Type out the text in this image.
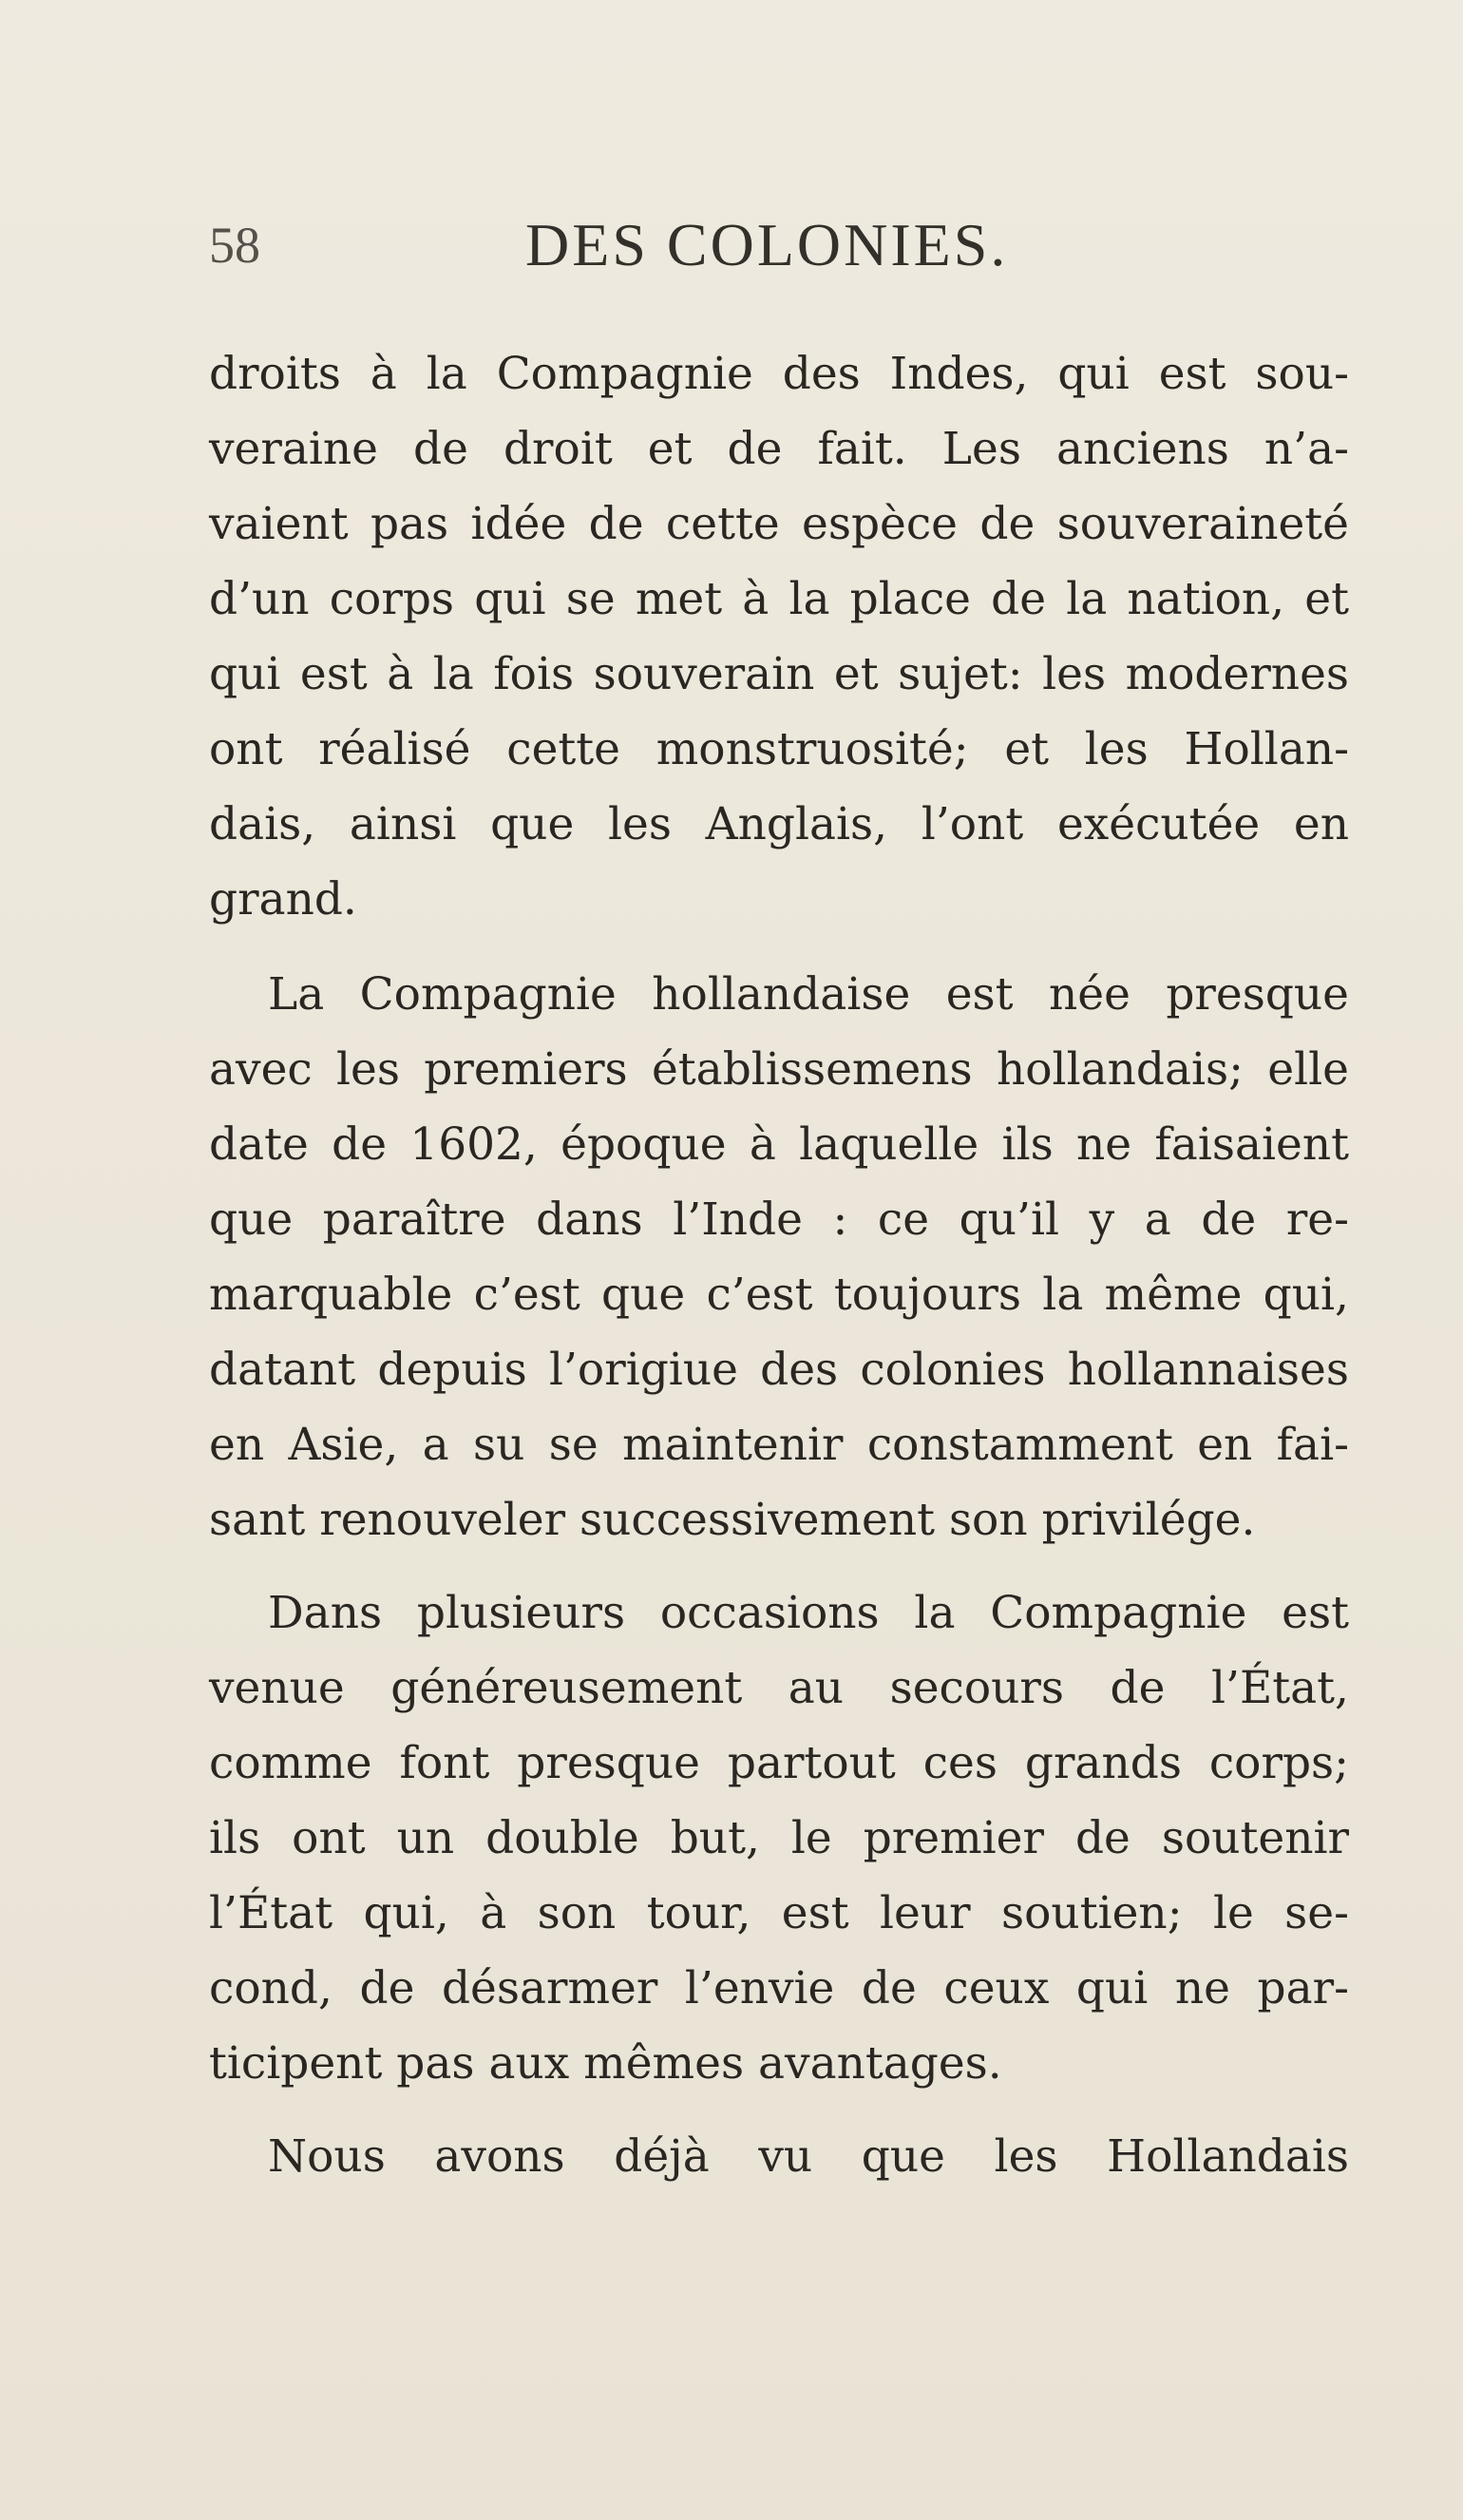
58	DES COLONIES.
droits à la Compagnie des Indes, qui est sou-
veraine de droit et de fait. Les anciens n’a-
vaient pas idée de cette espèce de souveraineté
d’un corps qui se met à la place de la nation, et
qui est à la fois souverain et sujet: les modernes
ont réalisé cette monstruosité; et les Hollan-
dais, ainsi que les Anglais, l’ont exécutée en
grand.
La Compagnie hollandaise est née presque
avec les premiers établissemens hollandais; elle
date de 1602, époque à laquelle ils ne faisaient
que paraître dans l’Inde : ce qu’il y a de re-
marquable c’est que c’est toujours la même qui,
datant depuis l’origiue des colonies hollannaises
en Asie, a su se maintenir constamment en fai-
sant renouveler successivement son privilége.
Dans plusieurs occasions la Compagnie est
venue généreusement au secours de l’État,
comme font presque partout ces grands corps;
ils ont un double but, le premier de soutenir
l’État qui, à son tour, est leur soutien; le se-
cond, de désarmer l’envie de ceux qui ne par-
ticipent pas aux mêmes avantages.
Nous avons déjà vu que les Hollandais
